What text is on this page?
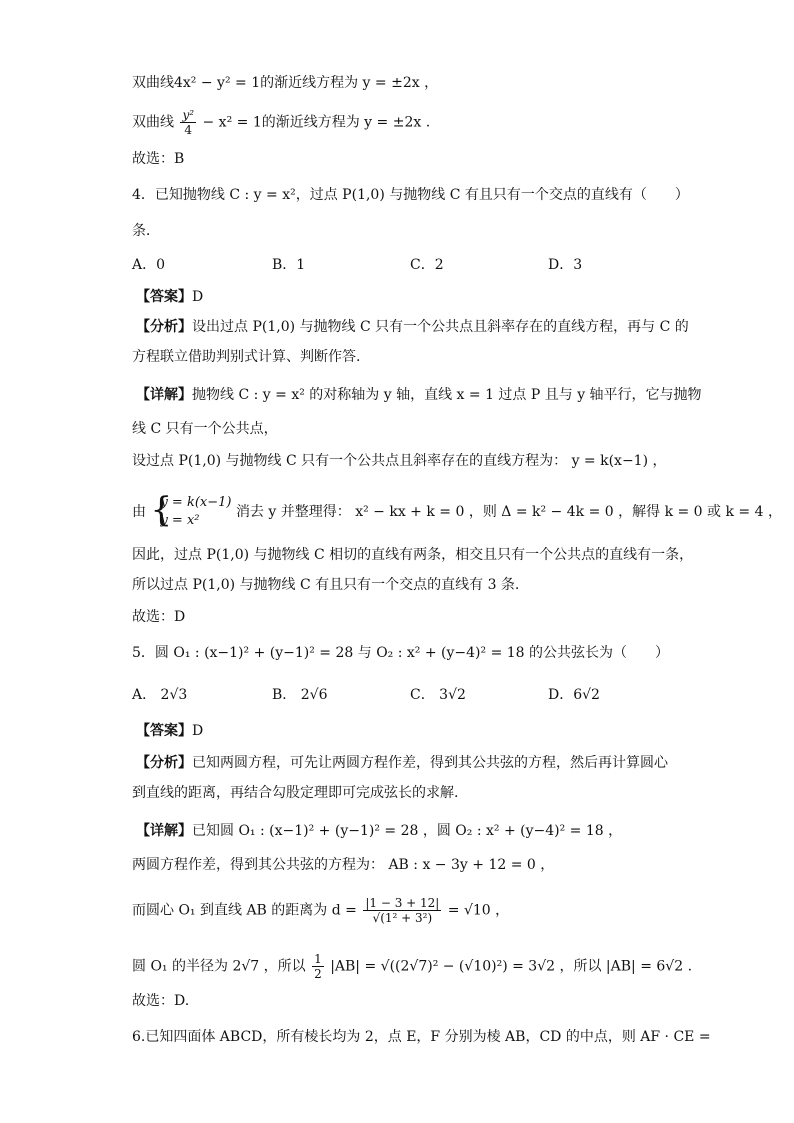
双曲线4x² − y² = 1的渐近线方程为 y = ±2x ，
双曲线 $\frac{\text{y²}}{4} - x^2 = 1$的渐近线方程为 y = ±2x .
故选：B
4．已知抛物线 C : y = x²，过点 P(1,0) 与抛物线 C 有且只有一个交点的直线有（　　）
条．
A．0	B．1	C．2	D．3
【答案】D
【分析】设出过点 P(1,0) 与抛物线 C 只有一个公共点且斜率存在的直线方程，再与 C 的
方程联立借助判别式计算、判断作答.
【详解】抛物线 C : y = x² 的对称轴为 y 轴，直线 x = 1 过点 P 且与 y 轴平行，它与抛物
线 C 只有一个公共点，
设过点 P(1,0) 与抛物线 C 只有一个公共点且斜率存在的直线方程为： y = k(x−1) ，
由 {
y = k(x−1)
y = x²
消去 y 并整理得： x² − kx + k = 0 ，则 Δ = k² − 4k = 0 ，解得 k = 0 或 k = 4 ，
因此，过点 P(1,0) 与抛物线 C 相切的直线有两条，相交且只有一个公共点的直线有一条，
所以过点 P(1,0) 与抛物线 C 有且只有一个交点的直线有 3 条.
故选：D
5．圆 O₁ : (x−1)² + (y−1)² = 28 与 O₂ : x² + (y−4)² = 18 的公共弦长为（　　）
A． 2√3	B． 2√6	C． 3√2	D．6√2
【答案】D
【分析】已知两圆方程，可先让两圆方程作差，得到其公共弦的方程，然后再计算圆心
到直线的距离，再结合勾股定理即可完成弦长的求解.
【详解】已知圆 O₁ : (x−1)² + (y−1)² = 28 ，圆 O₂ : x² + (y−4)² = 18 ，
两圆方程作差，得到其公共弦的方程为： AB : x − 3y + 12 = 0 ，
而圆心 O₁ 到直线 AB 的距离为 $d = \frac{|1 - 3 + 12|}{\text{√(1² + 3²)}} = √10$ ，
圆 O₁ 的半径为 2√7 ，所以 $\frac{1}{2} |AB| = √((2√7)^2 - (√10)^2) = 3√2$ ，所以 |AB| = 6√2 .
故选：D.
6.已知四面体 ABCD，所有棱长均为 2，点 E，F 分别为棱 AB，CD 的中点，则 AF · CE =
